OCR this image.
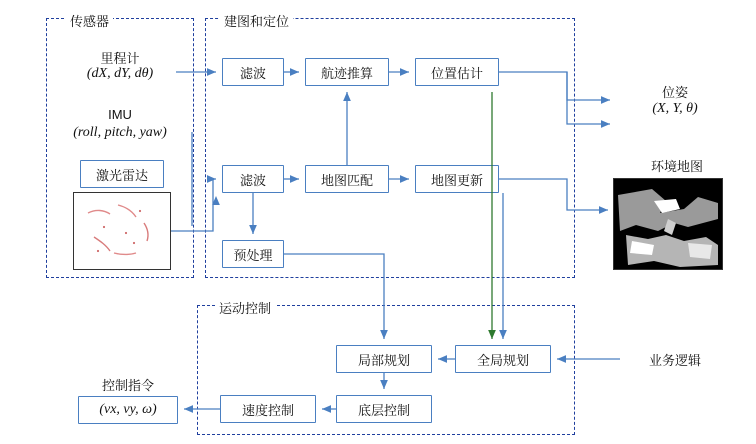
传感器	建图和定位
运动控制
里程计
(dX, dY, dθ)
IMU
(roll, pitch, yaw)
激光雷达
滤波	航迹推算	位置估计
滤波	地图匹配	地图更新
预处理
局部规划	全局规划
速度控制	底层控制
位姿
(X, Y, θ)
环境地图
业务逻辑
控制指令
(vx, vy, ω)
